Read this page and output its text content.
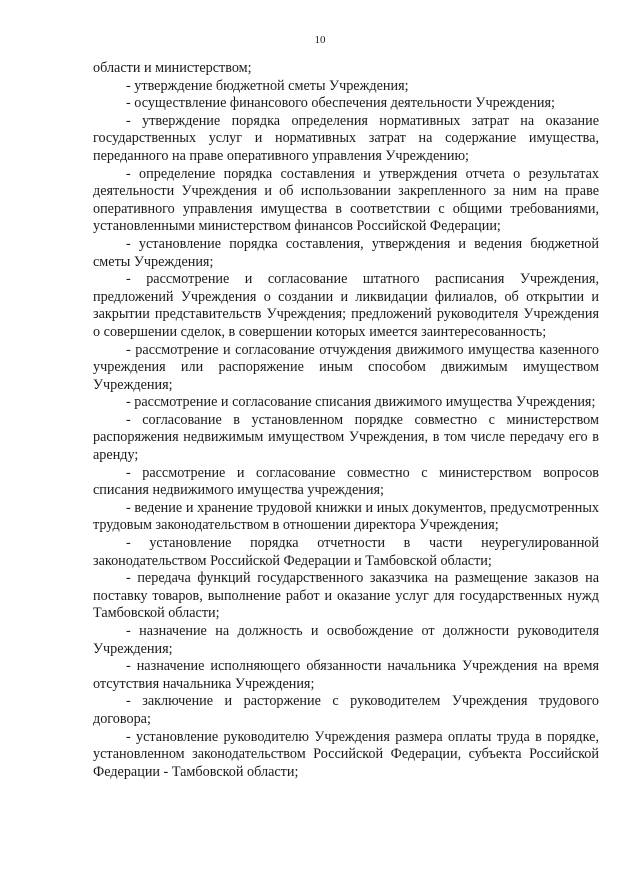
10

области и министерством;

- утверждение бюджетной сметы Учреждения;

- осуществление финансового обеспечения деятельности Учреждения;

- утверждение порядка определения нормативных затрат на оказание государственных услуг и нормативных затрат на содержание имущества, переданного на праве оперативного управления Учреждению;

- определение порядка составления и утверждения отчета о результатах деятельности Учреждения и об использовании закрепленного за ним на праве оперативного управления имущества в соответствии с общими требованиями, установленными министерством финансов Российской Федерации;

- установление порядка составления, утверждения и ведения бюджетной сметы Учреждения;

- рассмотрение и согласование штатного расписания Учреждения, предложений Учреждения о создании и ликвидации филиалов, об открытии и закрытии представительств Учреждения; предложений руководителя Учреждения о совершении сделок, в совершении которых имеется заинтересованность;

- рассмотрение и согласование отчуждения движимого имущества казенного учреждения или распоряжение иным способом движимым имуществом Учреждения;

- рассмотрение и согласование списания движимого имущества Учреждения;

- согласование в установленном порядке совместно с министерством распоряжения недвижимым имуществом Учреждения, в том числе передачу его в аренду;

- рассмотрение и согласование совместно с министерством вопросов списания недвижимого имущества учреждения;

- ведение и хранение трудовой книжки и иных документов, предусмотренных трудовым законодательством в отношении директора Учреждения;

- установление порядка отчетности в части неурегулированной законодательством Российской Федерации и Тамбовской области;

- передача функций государственного заказчика на размещение заказов на поставку товаров, выполнение работ и оказание услуг для государственных нужд Тамбовской области;

- назначение на должность и освобождение от должности руководителя Учреждения;

- назначение исполняющего обязанности начальника Учреждения на время отсутствия начальника Учреждения;

- заключение и расторжение с руководителем Учреждения трудового договора;

- установление руководителю Учреждения размера оплаты труда в порядке, установленном законодательством Российской Федерации, субъекта Российской Федерации - Тамбовской области;
